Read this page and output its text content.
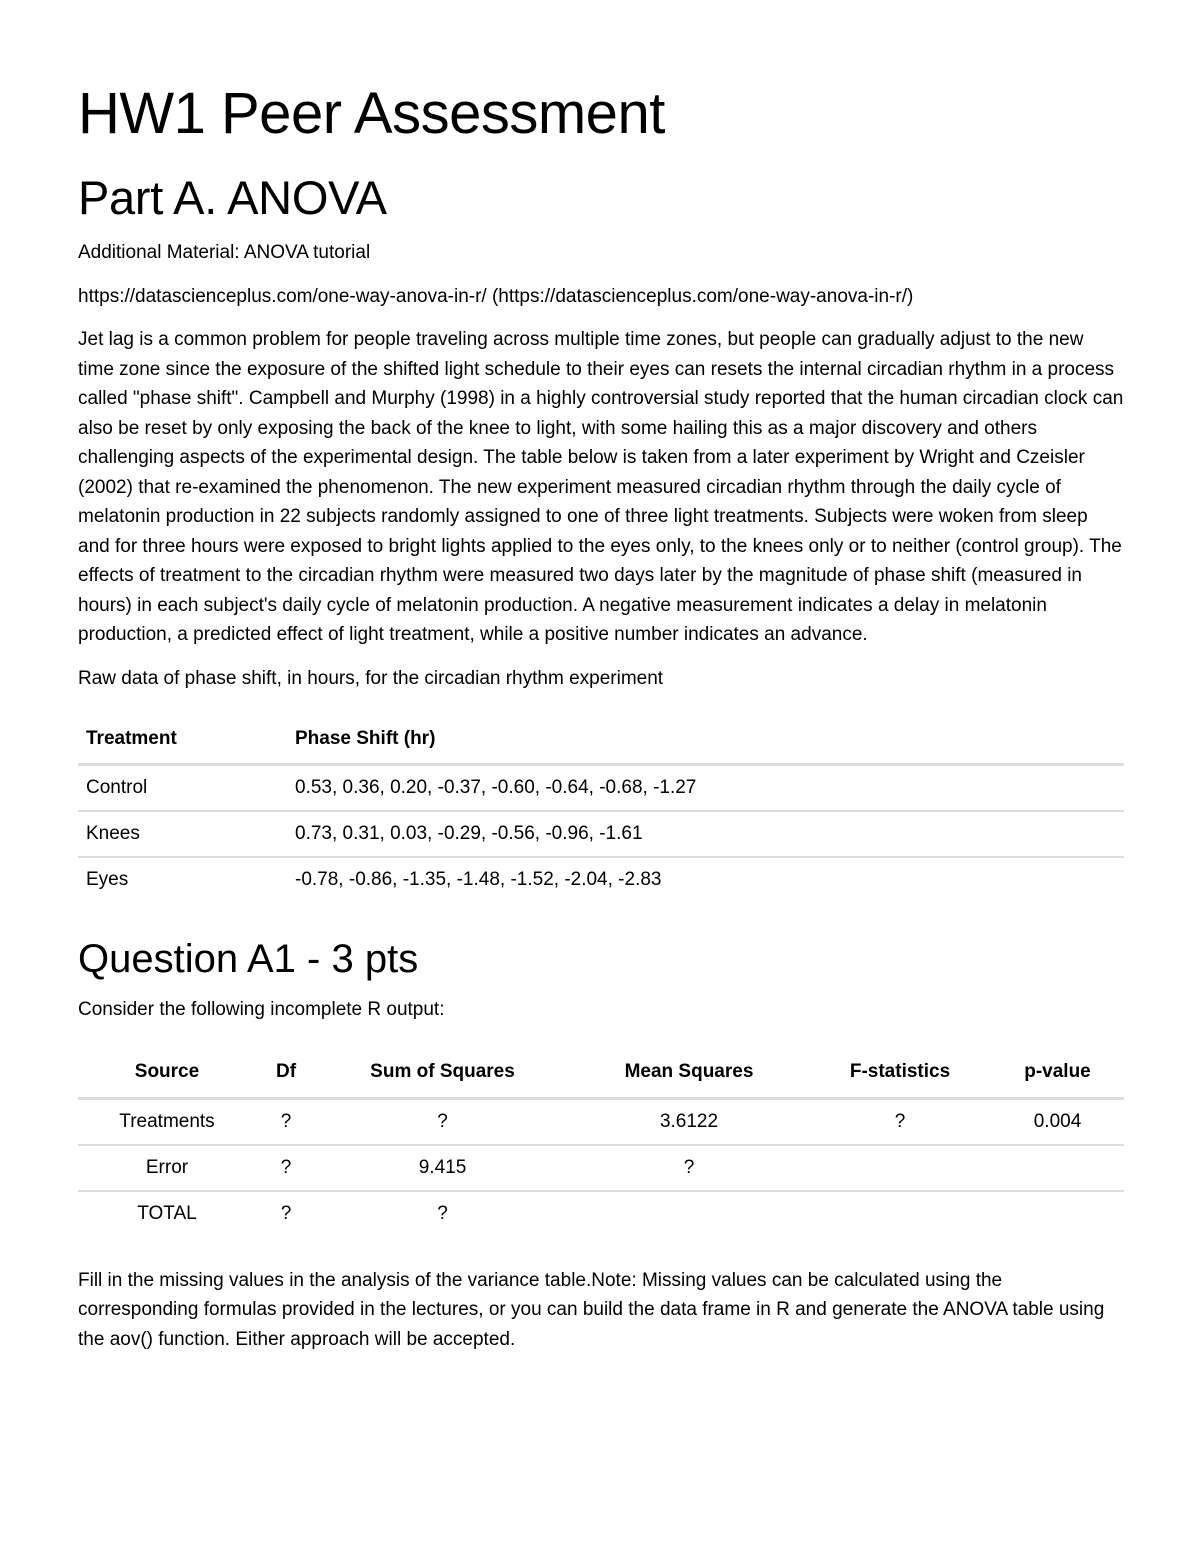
HW1 Peer Assessment
Part A. ANOVA

Additional Material: ANOVA tutorial

https://datascienceplus.com/one-way-anova-in-r/ (https://datascienceplus.com/one-way-anova-in-r/)

Jet lag is a common problem for people traveling across multiple time zones, but people can gradually adjust to the new time zone since the exposure of the shifted light schedule to their eyes can resets the internal circadian rhythm in a process called "phase shift". Campbell and Murphy (1998) in a highly controversial study reported that the human circadian clock can also be reset by only exposing the back of the knee to light, with some hailing this as a major discovery and others challenging aspects of the experimental design. The table below is taken from a later experiment by Wright and Czeisler (2002) that re-examined the phenomenon. The new experiment measured circadian rhythm through the daily cycle of melatonin production in 22 subjects randomly assigned to one of three light treatments. Subjects were woken from sleep and for three hours were exposed to bright lights applied to the eyes only, to the knees only or to neither (control group). The effects of treatment to the circadian rhythm were measured two days later by the magnitude of phase shift (measured in hours) in each subject's daily cycle of melatonin production. A negative measurement indicates a delay in melatonin production, a predicted effect of light treatment, while a positive number indicates an advance.

Raw data of phase shift, in hours, for the circadian rhythm experiment

Treatment	Phase Shift (hr)
Control	0.53, 0.36, 0.20, -0.37, -0.60, -0.64, -0.68, -1.27
Knees	0.73, 0.31, 0.03, -0.29, -0.56, -0.96, -1.61
Eyes	-0.78, -0.86, -1.35, -1.48, -1.52, -2.04, -2.83
Question A1 - 3 pts

Consider the following incomplete R output:

Source	Df	Sum of Squares	Mean Squares	F-statistics	p-value
Treatments	?	?	3.6122	?	0.004
Error	?	9.415	?		
TOTAL	?	?			

Fill in the missing values in the analysis of the variance table.Note: Missing values can be calculated using the corresponding formulas provided in the lectures, or you can build the data frame in R and generate the ANOVA table using the aov() function. Either approach will be accepted.
